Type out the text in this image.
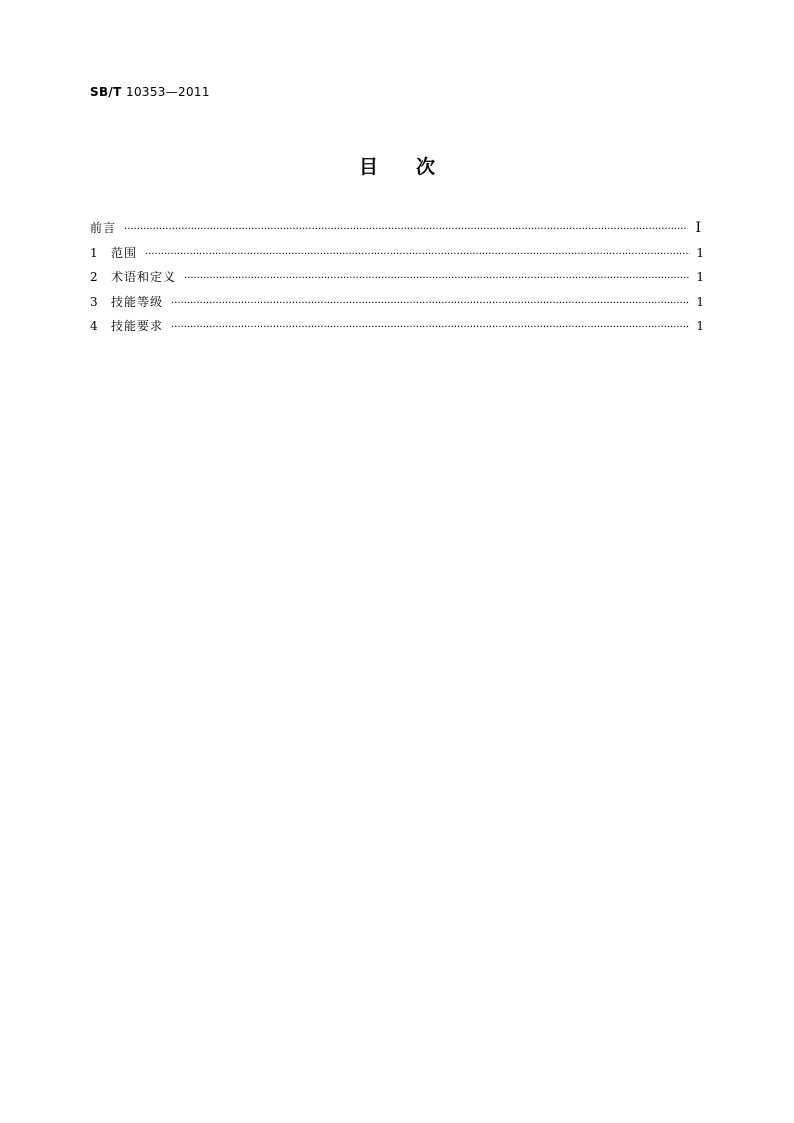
SB/T 10353—2011
目　　次
前言 ·····	I
1	范围 ·····	1
2	术语和定义 ·····	1
3	技能等级 ·····	1
4	技能要求 ·····	1
